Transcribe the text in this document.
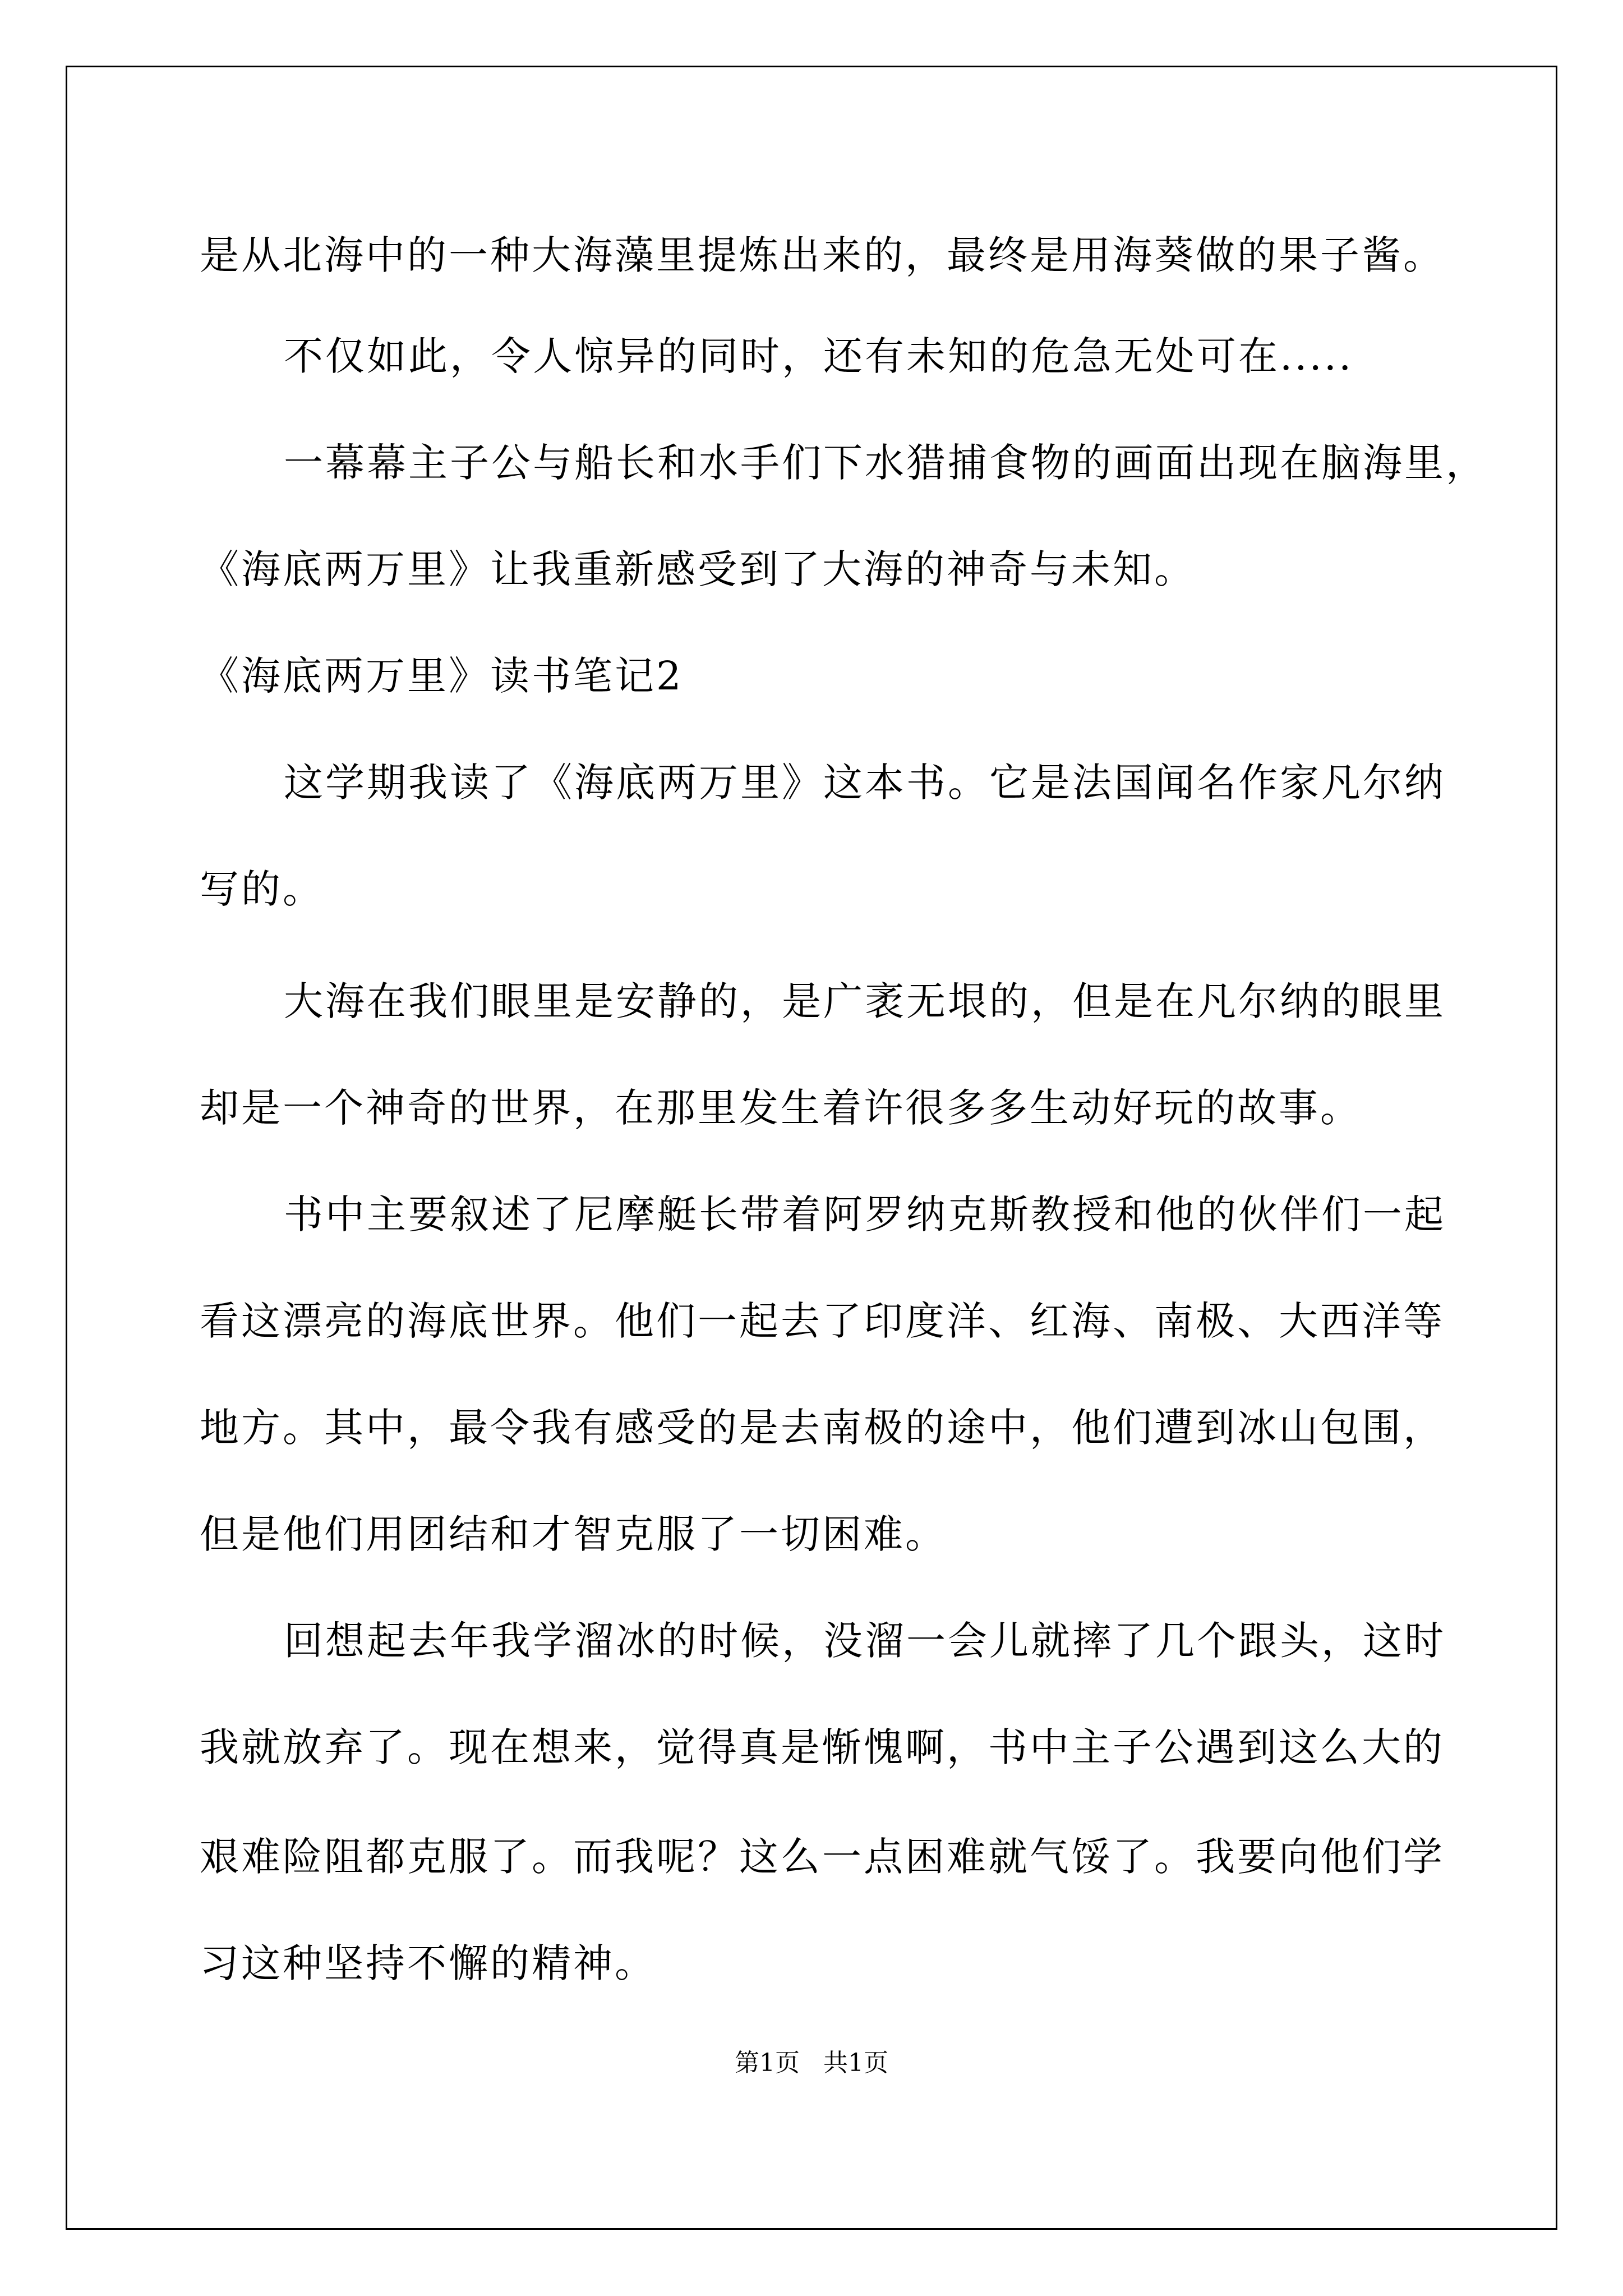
是从北海中的一种大海藻里提炼出来的，最终是用海葵做的果子酱。
不仅如此，令人惊异的同时，还有未知的危急无处可在.....
一幕幕主子公与船长和水手们下水猎捕食物的画面出现在脑海里，
《海底两万里》让我重新感受到了大海的神奇与未知。
《海底两万里》读书笔记2
这学期我读了《海底两万里》这本书。它是法国闻名作家凡尔纳
写的。
大海在我们眼里是安静的，是广袤无垠的，但是在凡尔纳的眼里
却是一个神奇的世界，在那里发生着许很多多生动好玩的故事。
书中主要叙述了尼摩艇长带着阿罗纳克斯教授和他的伙伴们一起
看这漂亮的海底世界。他们一起去了印度洋、红海、南极、大西洋等
地方。其中，最令我有感受的是去南极的途中，他们遭到冰山包围，
但是他们用团结和才智克服了一切困难。
回想起去年我学溜冰的时候，没溜一会儿就摔了几个跟头，这时
我就放弃了。现在想来，觉得真是惭愧啊，书中主子公遇到这么大的
艰难险阻都克服了。而我呢？这么一点困难就气馁了。我要向他们学
习这种坚持不懈的精神。
第1页   共1页
